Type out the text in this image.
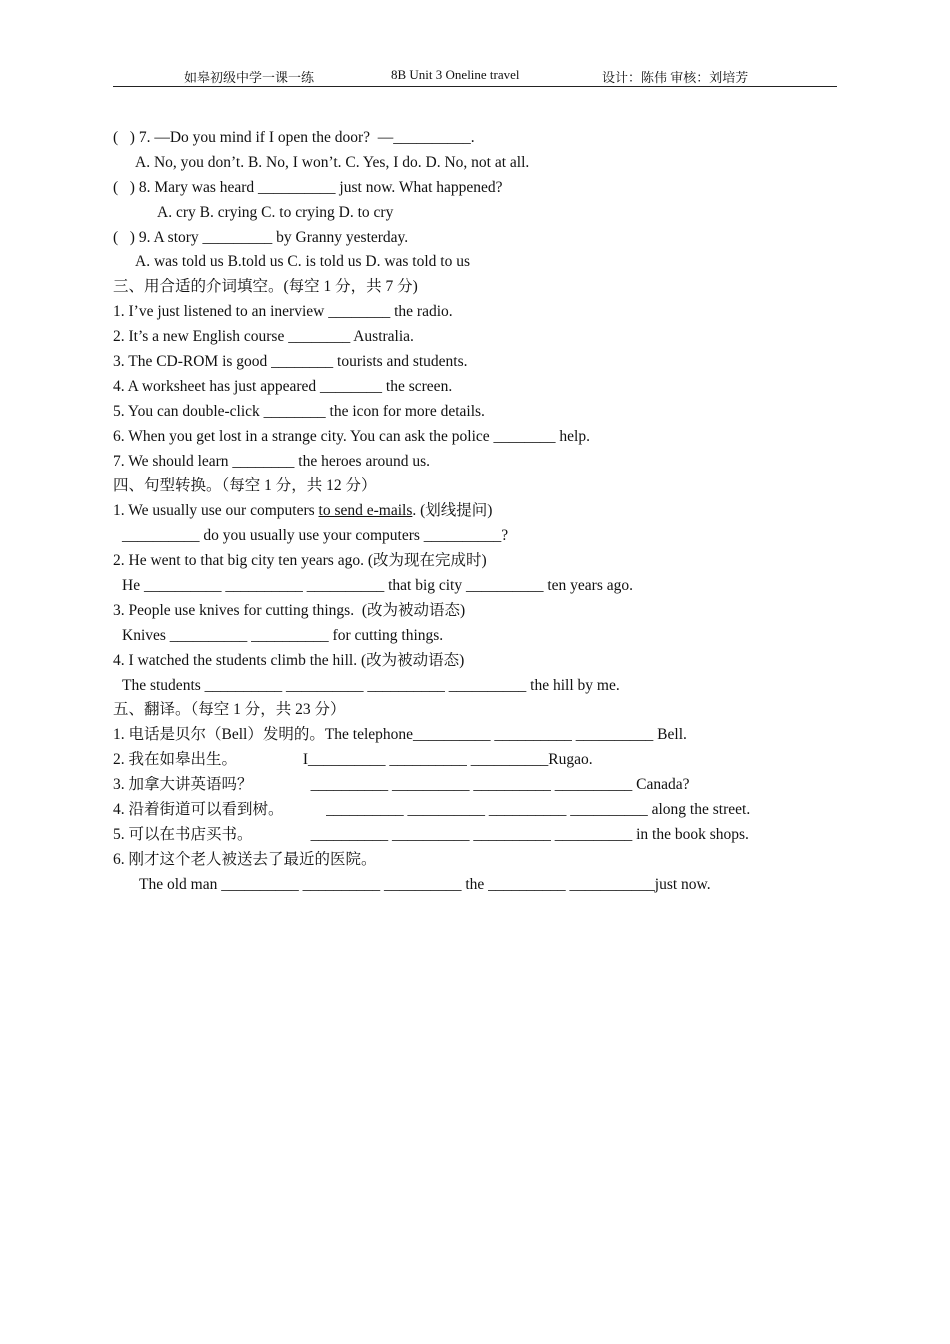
如皋初级中学一课一练	8B Unit 3 Oneline travel	设计：陈伟 审核：刘培芳
(   ) 7. —Do you mind if I open the door?  —__________.
A. No, you don’t. B. No, I won’t. C. Yes, I do. D. No, not at all.
(   ) 8. Mary was heard __________ just now. What happened?
A. cry B. crying C. to crying D. to cry
(   ) 9. A story _________ by Granny yesterday.
A. was told us B.told us C. is told us D. was told to us
三、用合适的介词填空。(每空 1 分，共 7 分)
1. I’ve just listened to an inerview ________ the radio.
2. It’s a new English course ________ Australia.
3. The CD-ROM is good ________ tourists and students.
4. A worksheet has just appeared ________ the screen.
5. You can double-click ________ the icon for more details.
6. When you get lost in a strange city. You can ask the police ________ help.
7. We should learn ________ the heroes around us.
四、句型转换。（每空 1 分，共 12 分）
1. We usually use our computers to send e-mails. (划线提问)
__________ do you usually use your computers __________?
2. He went to that big city ten years ago. (改为现在完成时)
He __________ __________ __________ that big city __________ ten years ago.
3. People use knives for cutting things.  (改为被动语态)
Knives __________ __________ for cutting things.
4. I watched the students climb the hill. (改为被动语态)
The students __________ __________ __________ __________ the hill by me.
五、翻译。（每空 1 分，共 23 分）
1. 电话是贝尔（Bell）发明的。The telephone__________ __________ __________ Bell.
2. 我在如皋出生。                 I__________ __________ __________Rugao.
3. 加拿大讲英语吗？               __________ __________ __________ __________ Canada?
4. 沿着街道可以看到树。           __________ __________ __________ __________ along the street.
5. 可以在书店买书。               __________ __________ __________ __________ in the book shops.
6. 刚才这个老人被送去了最近的医院。
The old man __________ __________ __________ the __________ ___________just now.
